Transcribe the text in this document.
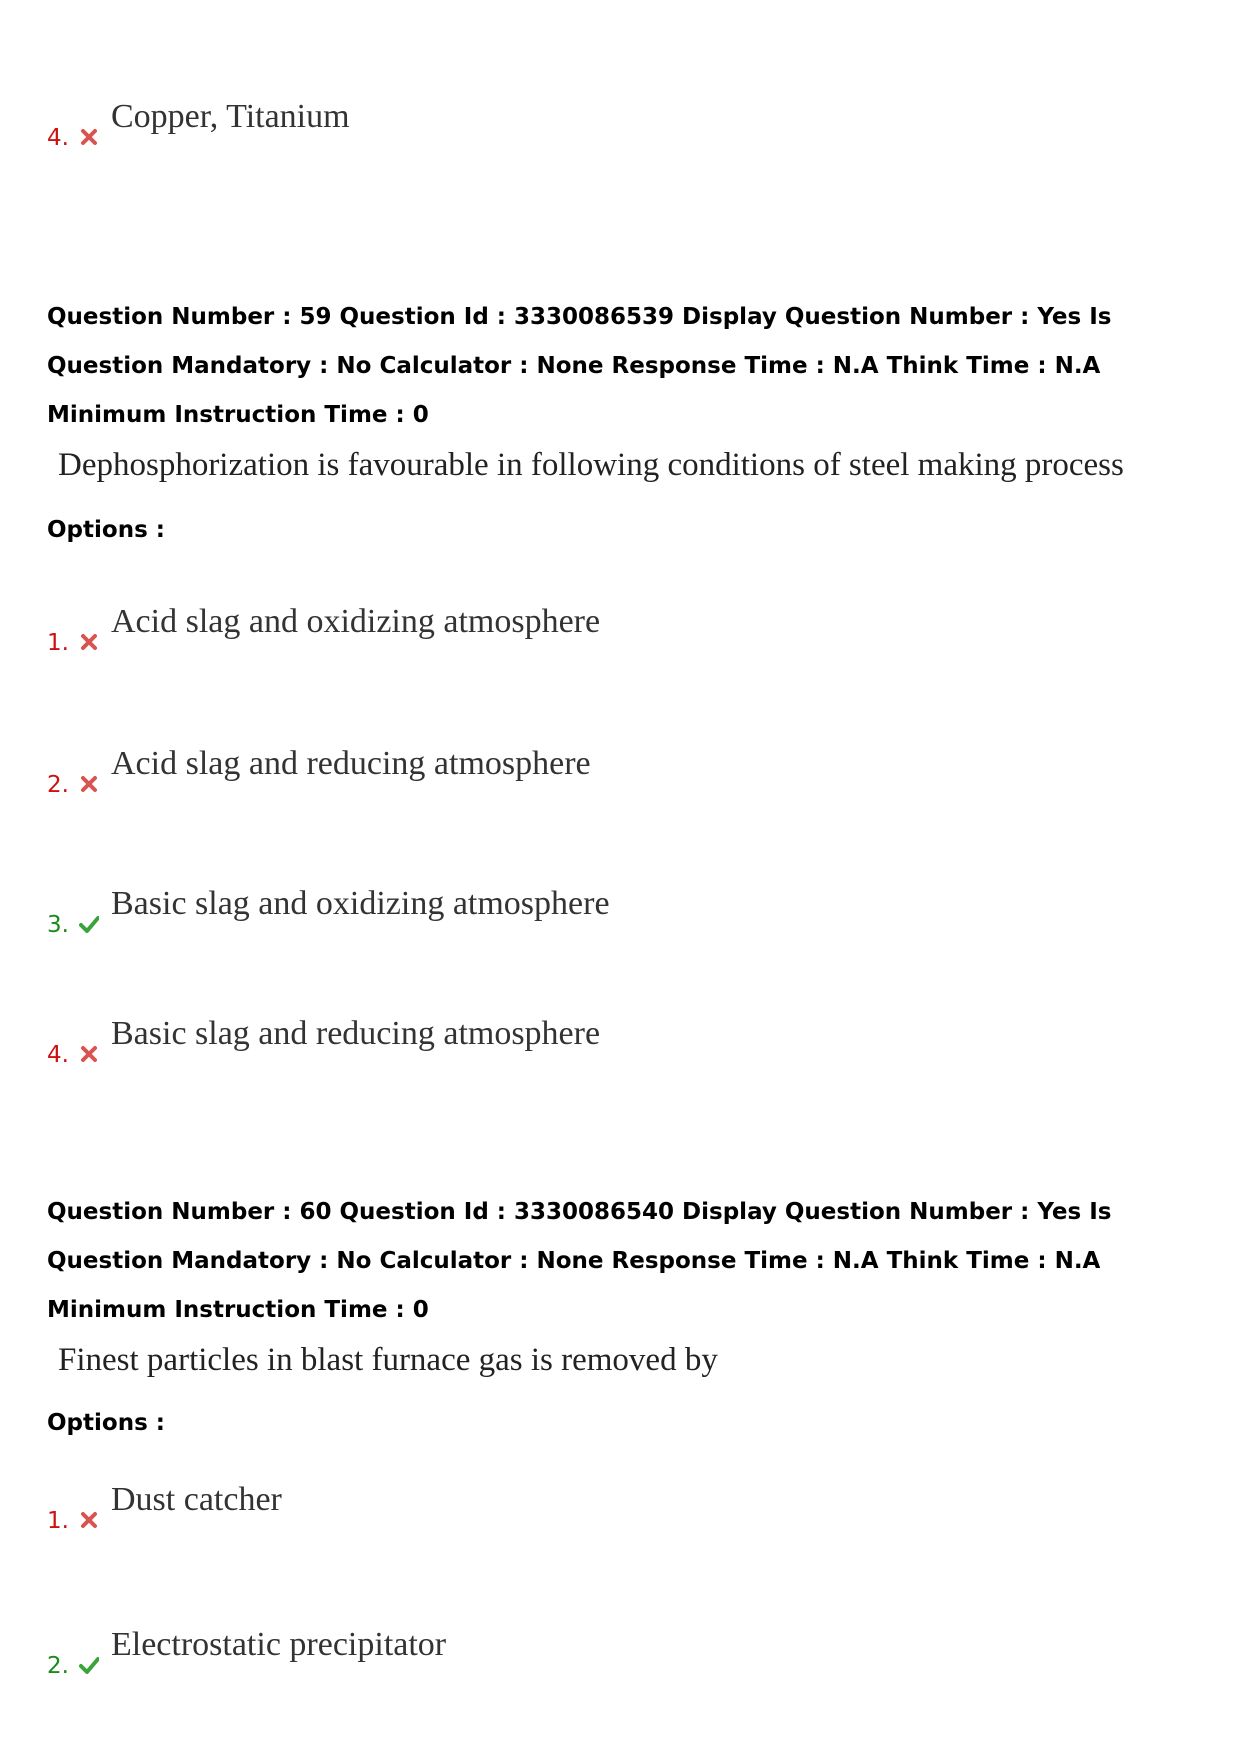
4.
Copper, Titanium

Question Number : 59 Question Id : 3330086539 Display Question Number : Yes Is Question Mandatory : No Calculator : None Response Time : N.A Think Time : N.A Minimum Instruction Time : 0

Dephosphorization is favourable in following conditions of steel making process
Options :
1.
Acid slag and oxidizing atmosphere
2.
Acid slag and reducing atmosphere
3.
Basic slag and oxidizing atmosphere
4.
Basic slag and reducing atmosphere

Question Number : 60 Question Id : 3330086540 Display Question Number : Yes Is Question Mandatory : No Calculator : None Response Time : N.A Think Time : N.A Minimum Instruction Time : 0

Finest particles in blast furnace gas is removed by
Options :
1.
Dust catcher
2.
Electrostatic precipitator
